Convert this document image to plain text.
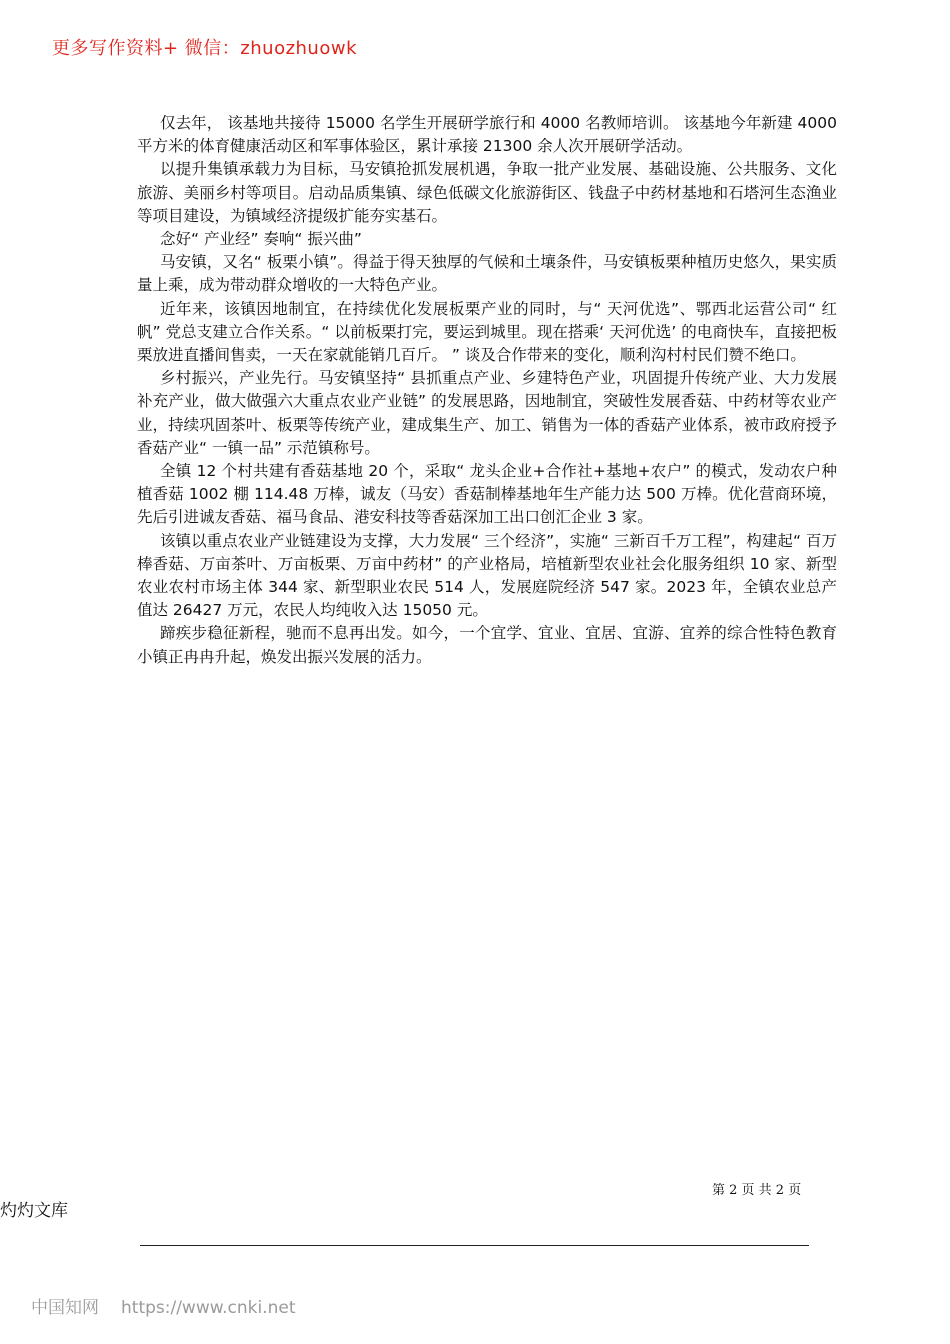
更多写作资料+ 微信：zhuozhuowk

仅去年， 该基地共接待 15000 名学生开展研学旅行和 4000 名教师培训。 该基地今年新建 4000 平方米的体育健康活动区和军事体验区，累计承接 21300 余人次开展研学活动。

以提升集镇承载力为目标，马安镇抢抓发展机遇，争取一批产业发展、基础设施、公共服务、文化旅游、美丽乡村等项目。启动品质集镇、绿色低碳文化旅游街区、钱盘子中药材基地和石塔河生态渔业等项目建设，为镇域经济提级扩能夯实基石。

念好“ 产业经” 奏响“ 振兴曲”

马安镇，又名“ 板栗小镇”。得益于得天独厚的气候和土壤条件，马安镇板栗种植历史悠久，果实质量上乘，成为带动群众增收的一大特色产业。

近年来，该镇因地制宜，在持续优化发展板栗产业的同时，与“ 天河优选”、鄂西北运营公司“ 红帆” 党总支建立合作关系。“ 以前板栗打完，要运到城里。现在搭乘‘ 天河优选’ 的电商快车，直接把板栗放进直播间售卖，一天在家就能销几百斤。 ” 谈及合作带来的变化，顺利沟村村民们赞不绝口。

乡村振兴，产业先行。马安镇坚持“ 县抓重点产业、乡建特色产业，巩固提升传统产业、大力发展补充产业，做大做强六大重点农业产业链” 的发展思路，因地制宜，突破性发展香菇、中药材等农业产业，持续巩固茶叶、板栗等传统产业，建成集生产、加工、销售为一体的香菇产业体系，被市政府授予香菇产业“ 一镇一品” 示范镇称号。

全镇 12 个村共建有香菇基地 20 个，采取“ 龙头企业+合作社+基地+农户” 的模式，发动农户种植香菇 1002 棚 114.48 万棒，诚友（马安）香菇制棒基地年生产能力达 500 万棒。优化营商环境，先后引进诚友香菇、福马食品、港安科技等香菇深加工出口创汇企业 3 家。

该镇以重点农业产业链建设为支撑，大力发展“ 三个经济”，实施“ 三新百千万工程”，构建起“ 百万棒香菇、万亩茶叶、万亩板栗、万亩中药材” 的产业格局，培植新型农业社会化服务组织 10 家、新型农业农村市场主体 344 家、新型职业农民 514 人，发展庭院经济 547 家。2023 年，全镇农业总产值达 26427 万元，农民人均纯收入达 15050 元。

蹄疾步稳征新程，驰而不息再出发。如今，一个宜学、宜业、宜居、宜游、宜养的综合性特色教育小镇正冉冉升起，焕发出振兴发展的活力。

第 2 页 共 2 页
灼灼文库
中国知网 https://www.cnki.net
